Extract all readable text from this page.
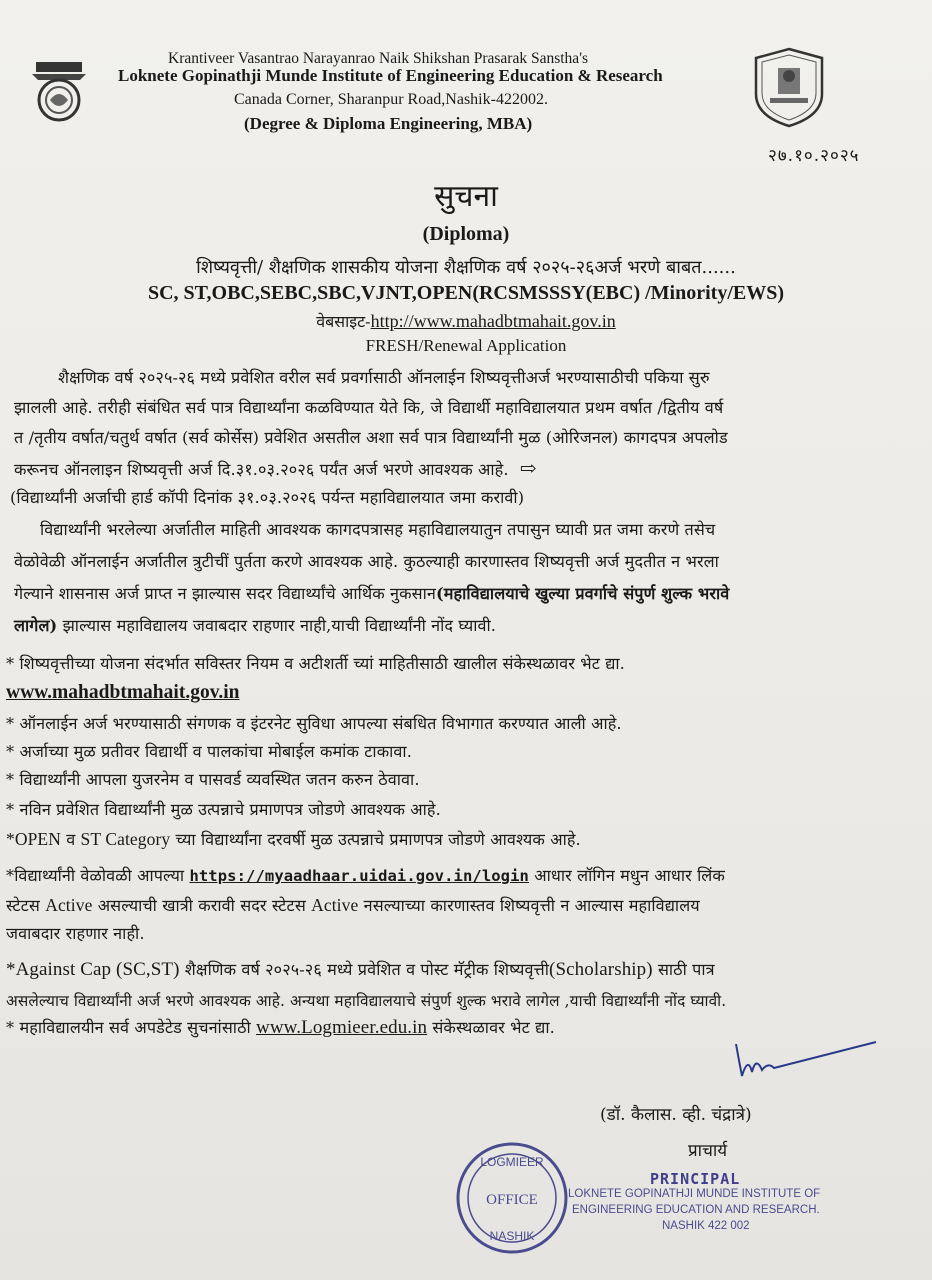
Krantiveer Vasantrao Narayanrao Naik Shikshan Prasarak Sanstha's
Loknete Gopinathji Munde Institute of Engineering Education & Research
Canada Corner, Sharanpur Road,Nashik-422002.
(Degree & Diploma Engineering, MBA)
२७.१०.२०२५
सुचना
(Diploma)
शिष्यवृत्ती/ शैक्षणिक शासकीय योजना शैक्षणिक वर्ष २०२५-२६अर्ज भरणे बाबत......
SC, ST,OBC,SEBC,SBC,VJNT,OPEN(RCSMSSSY(EBC) /Minority/EWS)
वेबसाइट-http://www.mahadbtmahait.gov.in
FRESH/Renewal Application
शैक्षणिक वर्ष २०२५-२६ मध्ये प्रवेशित वरील सर्व प्रवर्गासाठी ऑनलाईन शिष्यवृत्तीअर्ज भरण्यासाठीची पकिया सुरु
झालली आहे. तरीही संबंधित सर्व पात्र विद्यार्थ्यांना कळविण्यात येते कि, जे विद्यार्थी महाविद्यालयात प्रथम वर्षात /द्वितीय वर्ष
त /तृतीय वर्षात/चतुर्थ वर्षात (सर्व कोर्सेस) प्रवेशित असतील अशा सर्व पात्र विद्यार्थ्यांनी मुळ (ओरिजनल) कागदपत्र अपलोड
करूनच ऑनलाइन शिष्यवृत्ती अर्ज दि.३१.०३.२०२६ पर्यंत अर्ज भरणे आवश्यक आहे. ⇨
(विद्यार्थ्यांनी अर्जाची हार्ड कॉपी दिनांक ३१.०३.२०२६ पर्यन्त महाविद्यालयात जमा करावी)
विद्यार्थ्यांनी भरलेल्या अर्जातील माहिती आवश्यक कागदपत्रासह महाविद्यालयातुन तपासुन घ्यावी प्रत जमा करणे तसेच
वेळोवेळी ऑनलाईन अर्जातील त्रुटीचीं पुर्तता करणे आवश्यक आहे. कुठल्याही कारणास्तव शिष्यवृत्ती अर्ज मुदतीत न भरला
गेल्याने शासनास अर्ज प्राप्त न झाल्यास सदर विद्यार्थ्यांचे आर्थिक नुकसान(महाविद्यालयाचे खुल्या प्रवर्गाचे संपुर्ण शुल्क भरावे
लागेल) झाल्यास महाविद्यालय जवाबदार राहणार नाही,याची विद्यार्थ्यांनी नोंद घ्यावी.
* शिष्यवृत्तीच्या योजना संदर्भात सविस्तर नियम व अटीशर्ती च्यां माहितीसाठी खालील संकेस्थळावर भेट द्या.
www.mahadbtmahait.gov.in
* ऑनलाईन अर्ज भरण्यासाठी संगणक व इंटरनेट सुविधा आपल्या संबधित विभागात करण्यात आली आहे.
* अर्जाच्या मुळ प्रतीवर विद्यार्थी व पालकांचा मोबाईल कमांक टाकावा.
* विद्यार्थ्यांनी आपला युजरनेम व पासवर्ड व्यवस्थित जतन करुन ठेवावा.
* नविन प्रवेशित विद्यार्थ्यांनी मुळ उत्पन्नाचे प्रमाणपत्र जोडणे आवश्यक आहे.
*OPEN व ST Category च्या विद्यार्थ्यांना दरवर्षी मुळ उत्पन्नाचे प्रमाणपत्र जोडणे आवश्यक आहे.
*विद्यार्थ्यांनी वेळोवळी आपल्या https://myaadhaar.uidai.gov.in/login आधार लॉगिन मधुन आधार लिंक
स्टेटस Active असल्याची खात्री करावी सदर स्टेटस Active नसल्याच्या कारणास्तव शिष्यवृत्ती न आल्यास महाविद्यालय
जवाबदार राहणार नाही.
*Against Cap (SC,ST) शैक्षणिक वर्ष २०२५-२६ मध्ये प्रवेशित व पोस्ट मॅट्रीक शिष्यवृत्ती(Scholarship) साठी पात्र
असलेल्याच विद्यार्थ्यांनी अर्ज भरणे आवश्यक आहे. अन्यथा महाविद्यालयाचे संपुर्ण शुल्क भरावे लागेल ,याची विद्यार्थ्यांनी नोंद घ्यावी.
* महाविद्यालयीन सर्व अपडेटेड सुचनांसाठी www.Logmieer.edu.in संकेस्थळावर भेट द्या.
(डॉ. कैलास. व्ही. चंद्रात्रे)
प्राचार्य
PRINCIPAL
LOKNETE GOPINATHJI MUNDE INSTITUTE OF
ENGINEERING EDUCATION AND RESEARCH.
NASHIK 422 002
LOGMIEER
OFFICE
NASHIK
